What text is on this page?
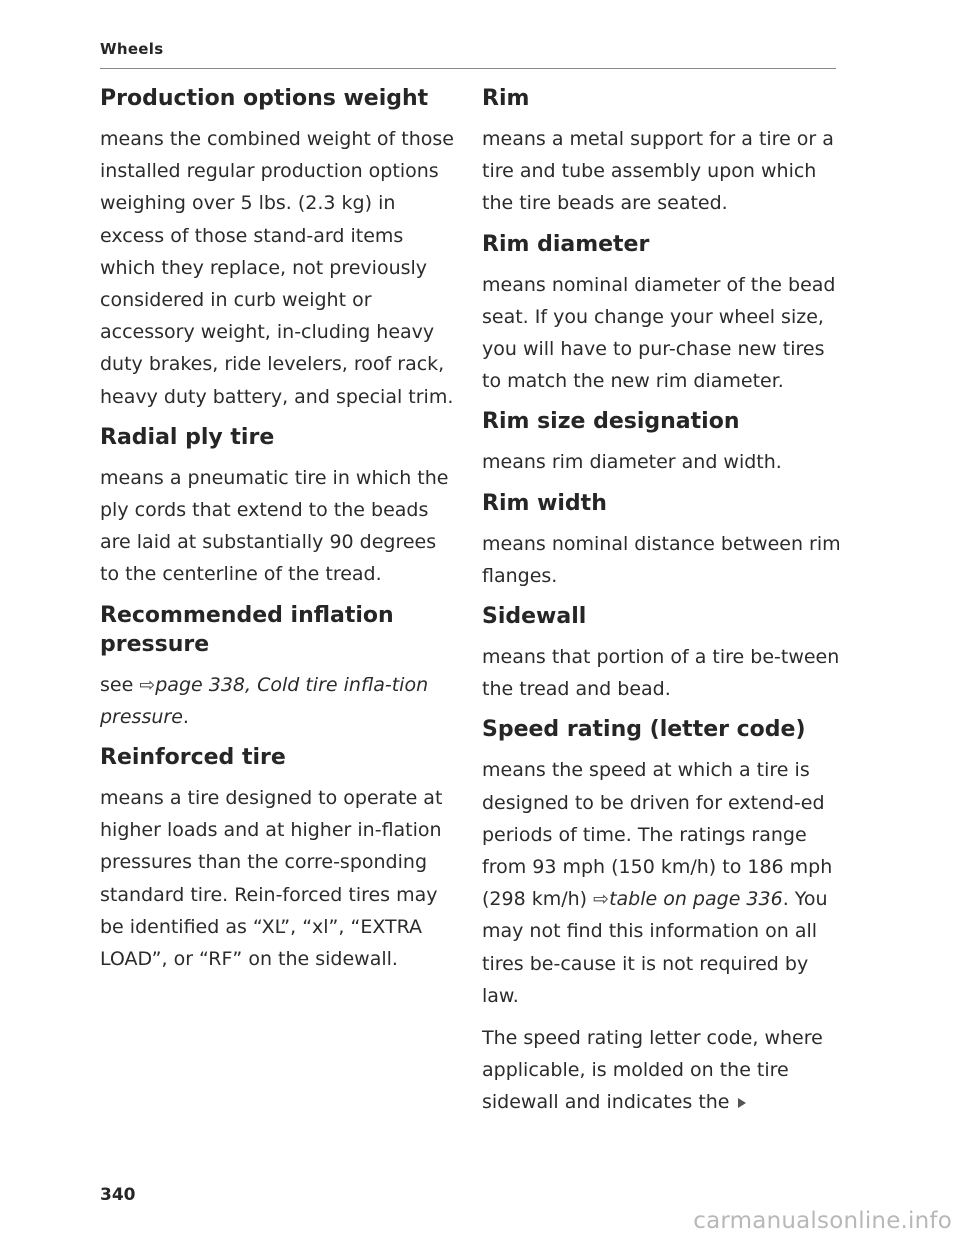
Wheels
Production options weight

means the combined weight of those installed regular production options weighing over 5 lbs. (2.3 kg) in excess of those stand-ard items which they replace, not previously considered in curb weight or accessory weight, in-cluding heavy duty brakes, ride levelers, roof rack, heavy duty battery, and special trim.

Radial ply tire

means a pneumatic tire in which the ply cords that extend to the beads are laid at substantially 90 degrees to the centerline of the tread.

Recommended inflation pressure

see ⇨page 338, Cold tire infla-tion pressure.

Reinforced tire

means a tire designed to operate at higher loads and at higher in-flation pressures than the corre-sponding standard tire. Rein-forced tires may be identified as “XL”, “xl”, “EXTRA LOAD”, or “RF” on the sidewall.

Rim

means a metal support for a tire or a tire and tube assembly upon which the tire beads are seated.

Rim diameter

means nominal diameter of the bead seat. If you change your wheel size, you will have to pur-chase new tires to match the new rim diameter.

Rim size designation

means rim diameter and width.

Rim width

means nominal distance between rim flanges.

Sidewall

means that portion of a tire be-tween the tread and bead.

Speed rating (letter code)

means the speed at which a tire is designed to be driven for extend-ed periods of time. The ratings range from 93 mph (150 km/h) to 186 mph (298 km/h) ⇨table on page 336. You may not find this information on all tires be-cause it is not required by law.

The speed rating letter code, where applicable, is molded on the tire sidewall and indicates the

340
carmanualsonline.info
